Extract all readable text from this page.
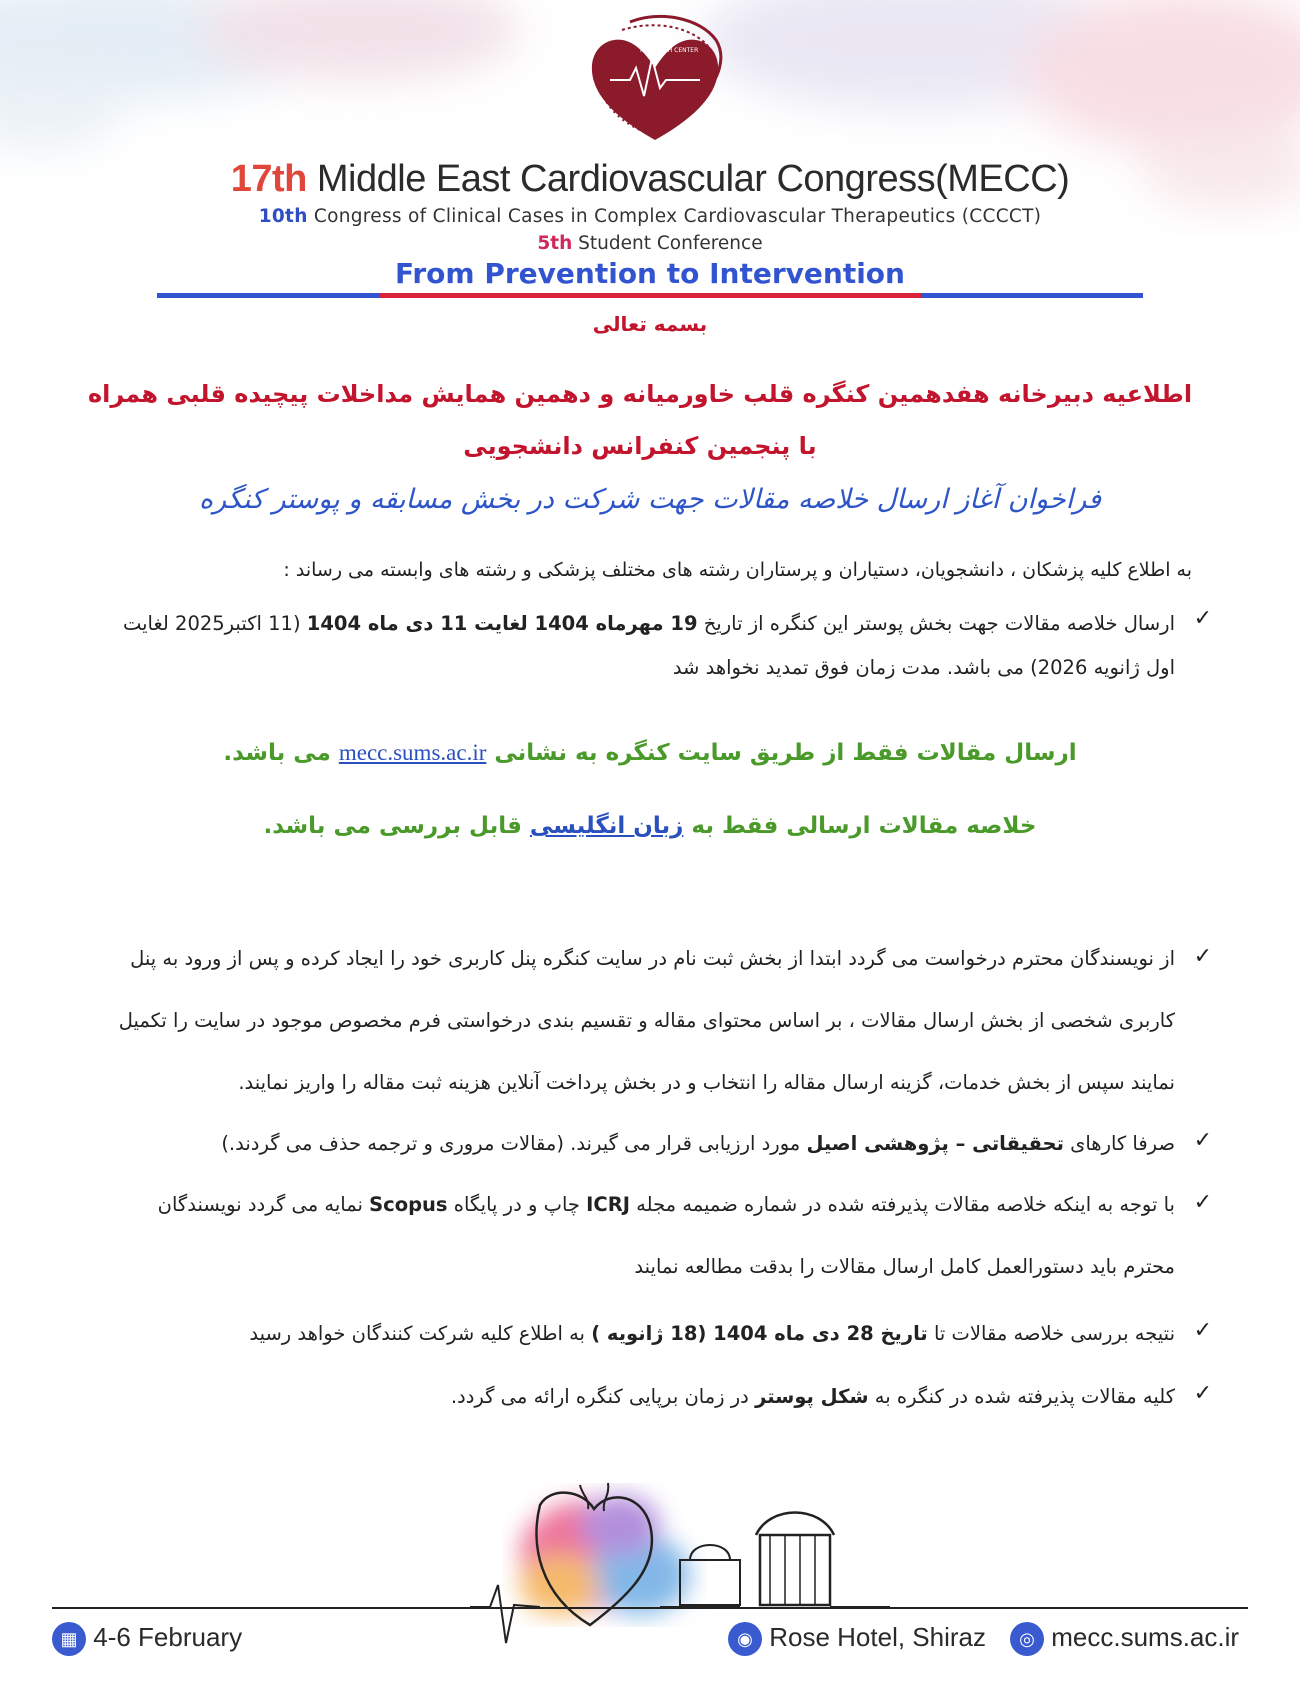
RESEARCH CENTER
17th Middle East Cardiovascular Congress(MECC)
10th Congress of Clinical Cases in Complex Cardiovascular Therapeutics (CCCCT)
5th Student Conference
From Prevention to Intervention
بسمه تعالی
اطلاعیه دبیرخانه هفدهمین کنگره قلب خاورمیانه و دهمین همایش مداخلات پیچیده قلبی همراه با پنجمین کنفرانس دانشجویی
فراخوان آغاز ارسال خلاصه مقالات جهت شرکت در بخش مسابقه و پوستر کنگره
به اطلاع کلیه پزشکان ، دانشجویان، دستیاران و پرستاران رشته های مختلف پزشکی و رشته های وابسته می رساند :
✓
ارسال خلاصه مقالات جهت بخش پوستر این کنگره از تاریخ 19 مهرماه 1404 لغایت 11 دی ماه 1404 (11 اکتبر2025 لغایت اول ژانویه 2026) می باشد. مدت زمان فوق تمدید نخواهد شد
ارسال مقالات فقط از طریق سایت کنگره به نشانی mecc.sums.ac.ir می باشد.
خلاصه مقالات ارسالی فقط به زبان انگلیسی قابل بررسی می باشد.
✓
از نویسندگان محترم درخواست می گردد ابتدا از بخش ثبت نام در سایت کنگره پنل کاربری خود را ایجاد کرده و پس از ورود به پنل کاربری شخصی از بخش ارسال مقالات ، بر اساس محتوای مقاله و تقسیم بندی درخواستی فرم مخصوص موجود در سایت را تکمیل نمایند سپس از بخش خدمات، گزینه ارسال مقاله را انتخاب و در بخش پرداخت آنلاین هزینه ثبت مقاله را واریز نمایند.
✓
صرفا کارهای تحقیقاتی – پژوهشی اصیل مورد ارزیابی قرار می گیرند. (مقالات مروری و ترجمه حذف می گردند.)
✓
با توجه به اینکه خلاصه مقالات پذیرفته شده در شماره ضمیمه مجله ICRJ چاپ و در پایگاه Scopus نمایه می گردد نویسندگان محترم باید دستورالعمل کامل ارسال مقالات را بدقت مطالعه نمایند
✓
نتیجه بررسی خلاصه مقالات تا تاریخ 28 دی ماه 1404 (18 ژانویه ) به اطلاع کلیه شرکت کنندگان خواهد رسید
✓
کلیه مقالات پذیرفته شده در کنگره به شکل پوستر در زمان برپایی کنگره ارائه می گردد.
▦ 4-6 February	◉ Rose Hotel, Shiraz	◎ mecc.sums.ac.ir
